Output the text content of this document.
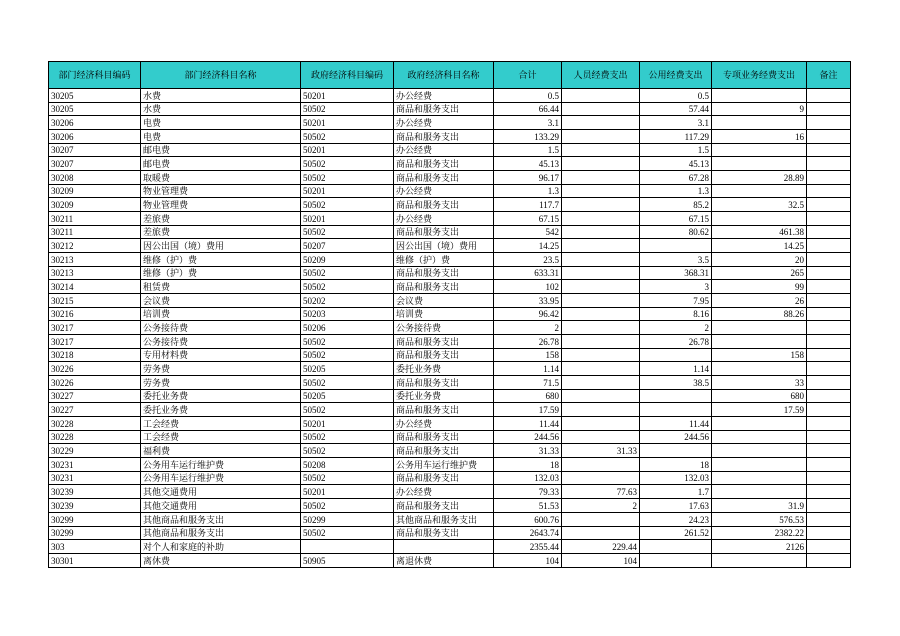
部门经济科目编码	部门经济科目名称	政府经济科目编码	政府经济科目名称	合计	人员经费支出	公用经费支出	专项业务经费支出	备注
30205	水费	50201	办公经费	0.5		0.5		
30205	水费	50502	商品和服务支出	66.44		57.44	9	
30206	电费	50201	办公经费	3.1		3.1		
30206	电费	50502	商品和服务支出	133.29		117.29	16	
30207	邮电费	50201	办公经费	1.5		1.5		
30207	邮电费	50502	商品和服务支出	45.13		45.13		
30208	取暖费	50502	商品和服务支出	96.17		67.28	28.89	
30209	物业管理费	50201	办公经费	1.3		1.3		
30209	物业管理费	50502	商品和服务支出	117.7		85.2	32.5	
30211	差旅费	50201	办公经费	67.15		67.15		
30211	差旅费	50502	商品和服务支出	542		80.62	461.38	
30212	因公出国（境）费用	50207	因公出国（境）费用	14.25			14.25	
30213	维修（护）费	50209	维修（护）费	23.5		3.5	20	
30213	维修（护）费	50502	商品和服务支出	633.31		368.31	265	
30214	租赁费	50502	商品和服务支出	102		3	99	
30215	会议费	50202	会议费	33.95		7.95	26	
30216	培训费	50203	培训费	96.42		8.16	88.26	
30217	公务接待费	50206	公务接待费	2		2		
30217	公务接待费	50502	商品和服务支出	26.78		26.78		
30218	专用材料费	50502	商品和服务支出	158			158	
30226	劳务费	50205	委托业务费	1.14		1.14		
30226	劳务费	50502	商品和服务支出	71.5		38.5	33	
30227	委托业务费	50205	委托业务费	680			680	
30227	委托业务费	50502	商品和服务支出	17.59			17.59	
30228	工会经费	50201	办公经费	11.44		11.44		
30228	工会经费	50502	商品和服务支出	244.56		244.56		
30229	福利费	50502	商品和服务支出	31.33	31.33			
30231	公务用车运行维护费	50208	公务用车运行维护费	18		18		
30231	公务用车运行维护费	50502	商品和服务支出	132.03		132.03		
30239	其他交通费用	50201	办公经费	79.33	77.63	1.7		
30239	其他交通费用	50502	商品和服务支出	51.53	2	17.63	31.9	
30299	其他商品和服务支出	50299	其他商品和服务支出	600.76		24.23	576.53	
30299	其他商品和服务支出	50502	商品和服务支出	2643.74		261.52	2382.22	
303	对个人和家庭的补助			2355.44	229.44		2126	
30301	离休费	50905	离退休费	104	104			
